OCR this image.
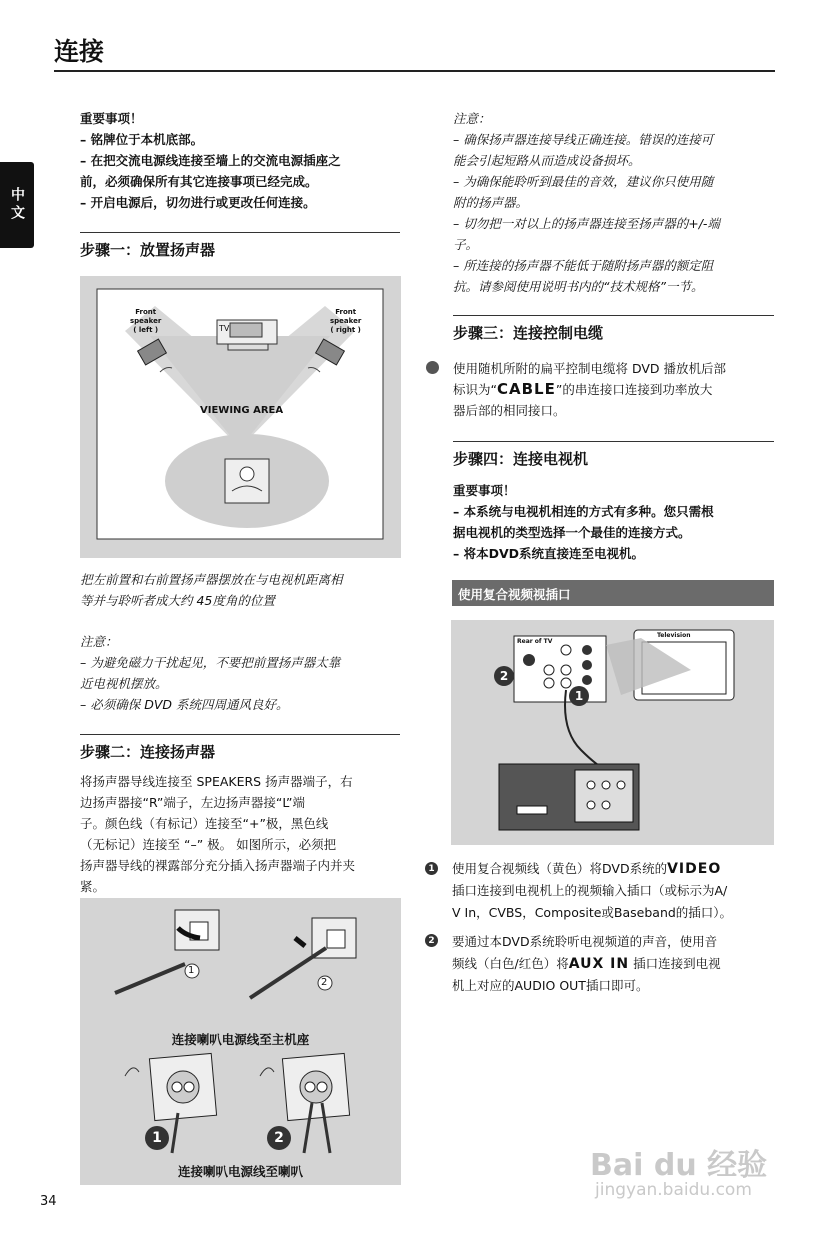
连接
中文
重要事项！
– 铭牌位于本机底部。
– 在把交流电源线连接至墙上的交流电源插座之
前，必须确保所有其它连接事项已经完成。
– 开启电源后，切勿进行或更改任何连接。
步骤一：放置扬声器
Front
speaker
( left )
Front
speaker
( right )
TV
VIEWING AREA
把左前置和右前置扬声器摆放在与电视机距离相
等并与聆听者成大约 45度角的位置
注意：
– 为避免磁力干扰起见，不要把前置扬声器太靠
近电视机摆放。
– 必须确保 DVD 系统四周通风良好。
步骤二：连接扬声器
将扬声器导线连接至 SPEAKERS 扬声器端子，右
边扬声器接“R”端子，左边扬声器接“L”端
子。颜色线（有标记）连接至“+”极，黑色线
（无标记）连接至 “–” 极。 如图所示，必须把
扬声器导线的裸露部分充分插入扬声器端子内并夹
紧。
1
2
连接喇叭电源线至主机座
1	2
连接喇叭电源线至喇叭
34
注意：
– 确保扬声器连接导线正确连接。错误的连接可
能会引起短路从而造成设备损坏。
– 为确保能聆听到最佳的音效，建议你只使用随
附的扬声器。
– 切勿把一对以上的扬声器连接至扬声器的+/-端
子。
– 所连接的扬声器不能低于随附扬声器的额定阻
抗。请参阅使用说明书内的“技术规格”一节。
步骤三：连接控制电缆
使用随机所附的扁平控制电缆将 DVD 播放机后部
标识为“CABLE”的串连接口连接到功率放大
器后部的相同接口。
步骤四：连接电视机
重要事项！
– 本系统与电视机相连的方式有多种。您只需根
据电视机的类型选择一个最佳的连接方式。
– 将本DVD系统直接连至电视机。
使用复合视频视插口
Television
Rear of TV
2
1
1 使用复合视频线（黄色）将DVD系统的VIDEO
插口连接到电视机上的视频输入插口（或标示为A/
V In，CVBS，Composite或Baseband的插口）。
2 要通过本DVD系统聆听电视频道的声音，使用音
频线（白色/红色）将AUX IN 插口连接到电视
机上对应的AUDIO OUT插口即可。
Bai du 经验
jingyan.baidu.com
